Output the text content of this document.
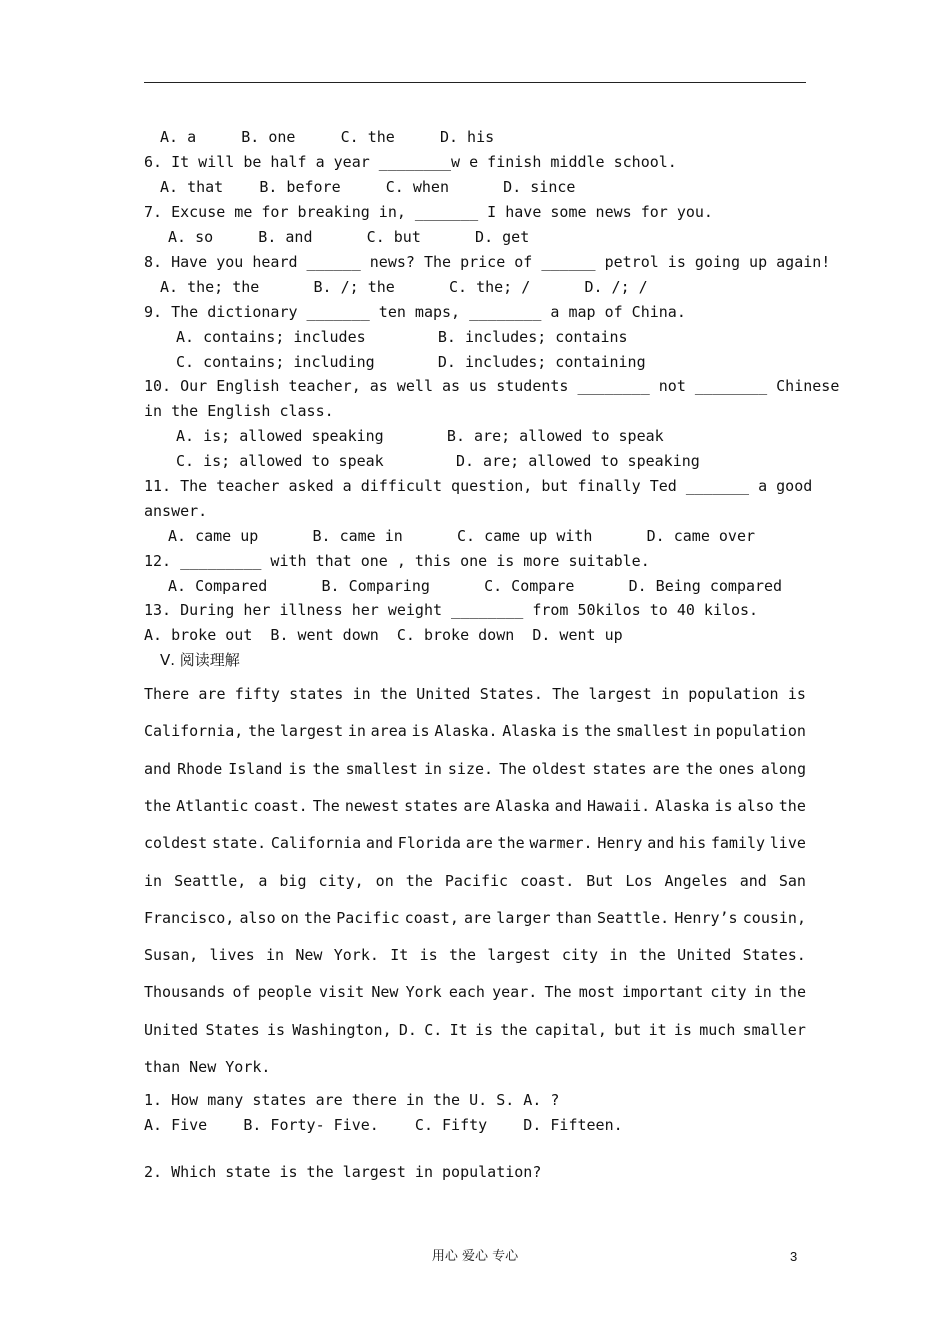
A. a     B. one     C. the     D. his
6. It will be half a year ________w e finish middle school.
A. that    B. before     C. when      D. since
7. Excuse me for breaking in, _______ I have some news for you.
A. so     B. and      C. but      D. get
8. Have you heard ______ news? The price of ______ petrol is going up again!
A. the; the      B. /; the      C. the; /      D. /; /
9. The dictionary _______ ten maps, ________ a map of China.
A. contains; includes        B. includes; contains
C. contains; including       D. includes; containing
10. Our English teacher, as well as us students ________ not ________ Chinese
in the English class.
A. is; allowed speaking       B. are; allowed to speak
C. is; allowed to speak        D. are; allowed to speaking
11. The teacher asked a difficult question, but finally Ted _______ a good
answer.
A. came up      B. came in      C. came up with      D. came over
12. _________ with that one , this one is more suitable.
A. Compared      B. Comparing      C. Compare      D. Being compared
13. During her illness her weight ________ from 50kilos to 40 kilos.
A. broke out  B. went down  C. broke down  D. went up
Ⅴ. 阅读理解
There are fifty states in the United States. The largest in population is
California, the largest in area is Alaska. Alaska is the smallest in population
and Rhode Island is the smallest in size. The oldest states are the ones along
the Atlantic coast. The newest states are Alaska and Hawaii. Alaska is also the
coldest state. California and Florida are the warmer. Henry and his family live
in Seattle, a big city, on the Pacific coast. But Los Angeles and San
Francisco, also on the Pacific coast, are larger than Seattle. Henry’s cousin,
Susan, lives in New York. It is the largest city in the United States.
Thousands of people visit New York each year. The most important city in the
United States is Washington, D. C. It is the capital, but it is much smaller
than New York.
1. How many states are there in the U. S. A. ?
A. Five    B. Forty- Five.    C. Fifty    D. Fifteen.
2. Which state is the largest in population?
用心 爱心 专心	3
